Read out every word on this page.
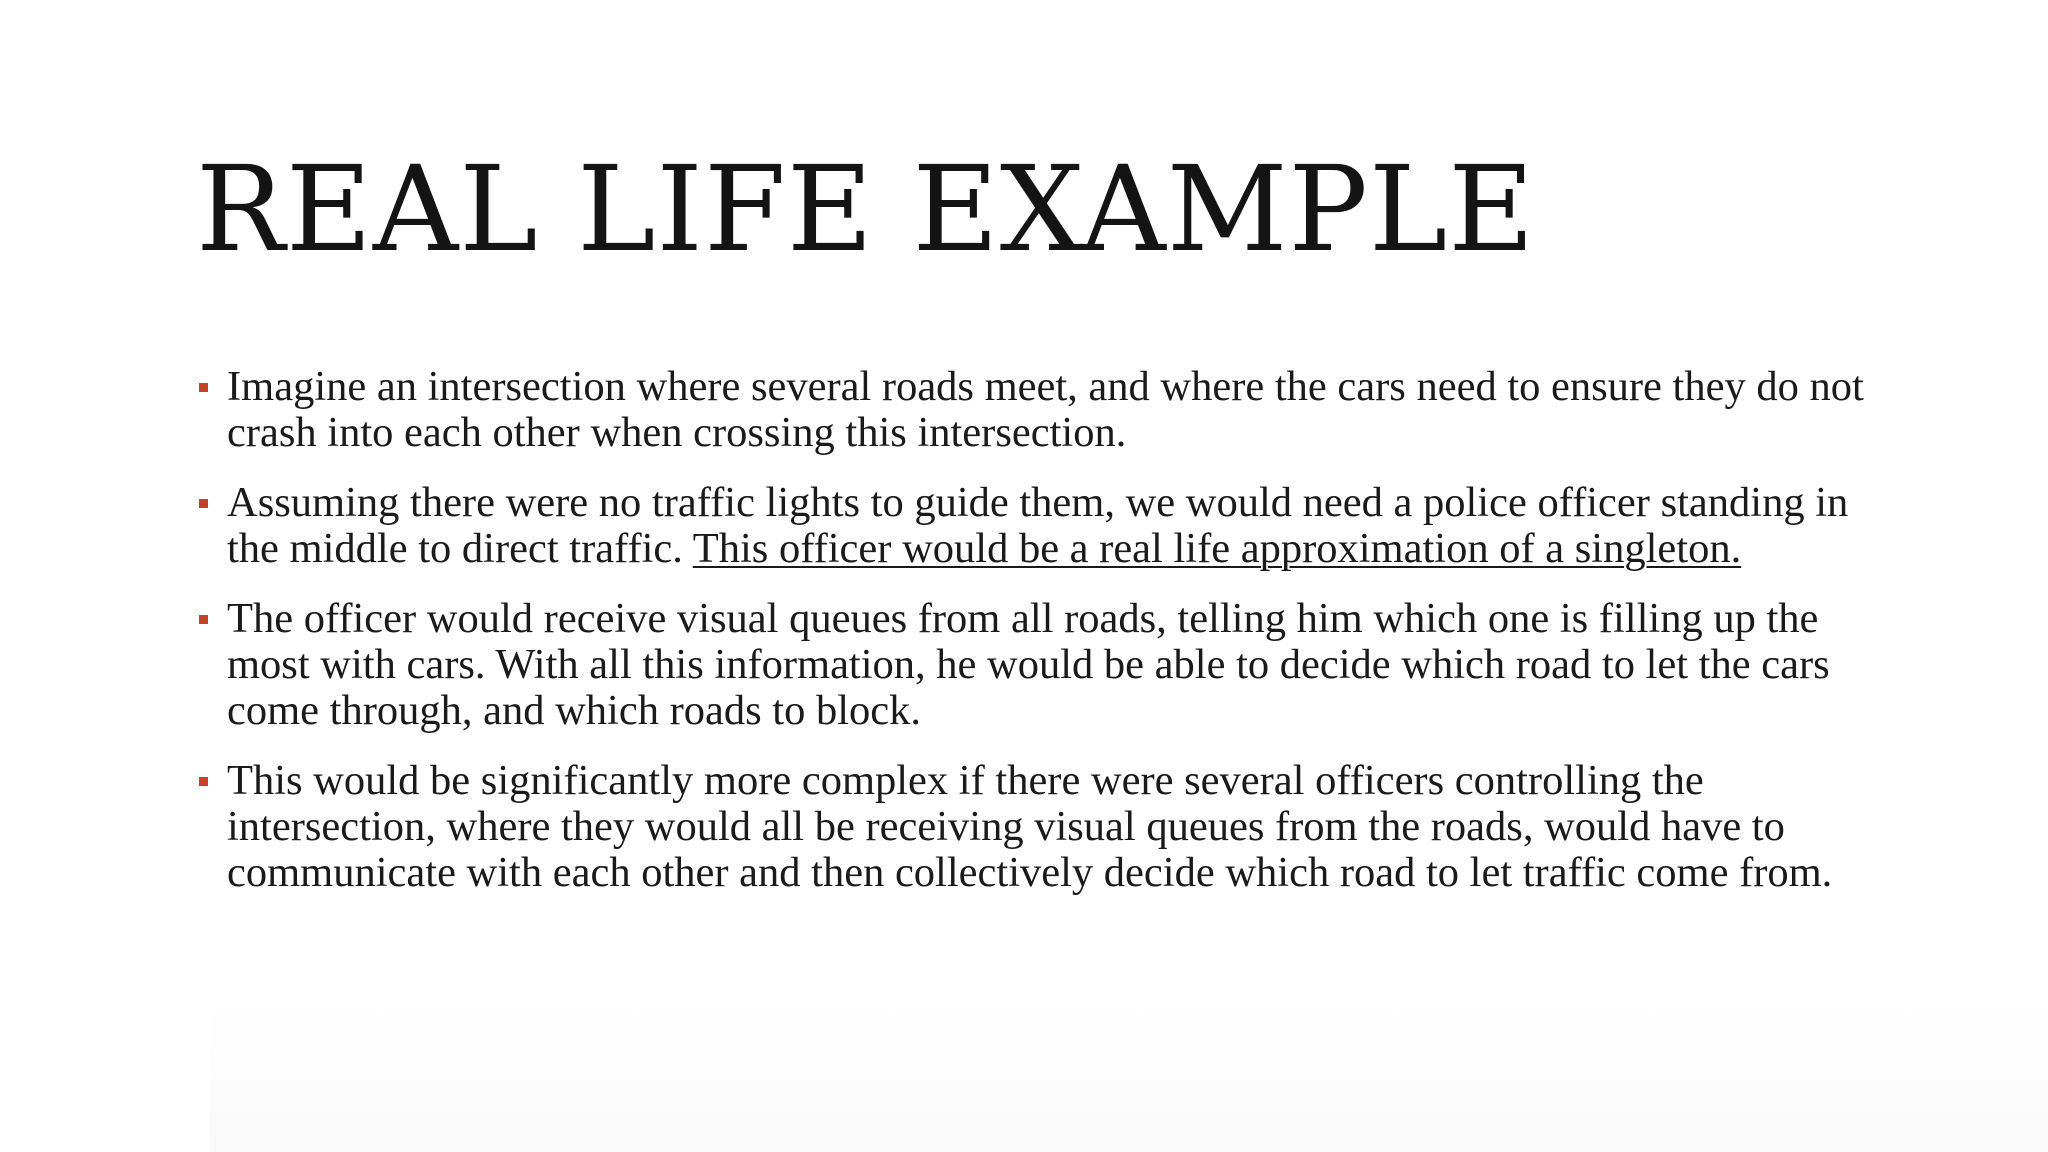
REAL LIFE EXAMPLE
Imagine an intersection where several roads meet, and where the cars need to ensure they do not crash into each other when crossing this intersection.
Assuming there were no traffic lights to guide them, we would need a police officer standing in the middle to direct traffic. This officer would be a real life approximation of a singleton.
The officer would receive visual queues from all roads, telling him which one is filling up the most with cars. With all this information, he would be able to decide which road to let the cars come through, and which roads to block.
This would be significantly more complex if there were several officers controlling the intersection, where they would all be receiving visual queues from the roads, would have to communicate with each other and then collectively decide which road to let traffic come from.
